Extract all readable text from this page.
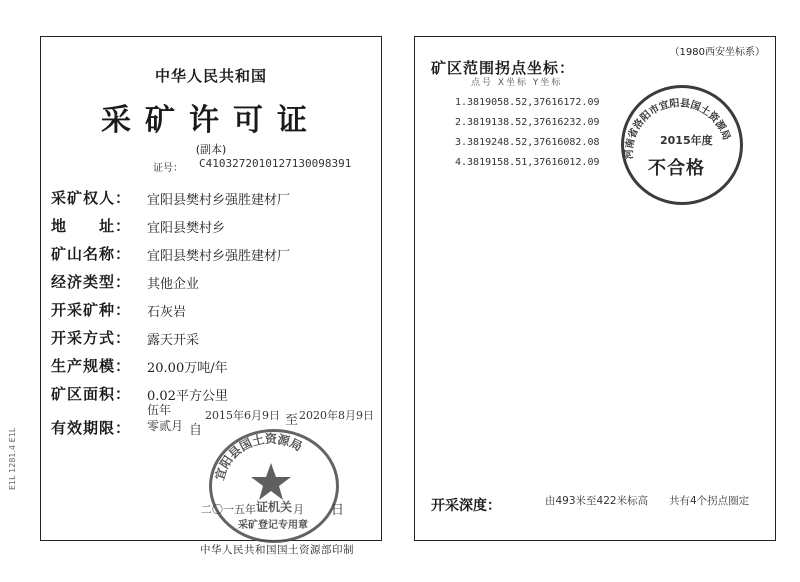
中华人民共和国
采矿许可证
(副本)
证号： C4103272010127130098391
采矿权人： 宜阳县樊村乡强胜建材厂
地　　址： 宜阳县樊村乡
矿山名称： 宜阳县樊村乡强胜建材厂
经济类型： 其他企业
开采矿种： 石灰岩
开采方式： 露天开采
生产规模： 20.00万吨/年
矿区面积： 0.02平方公里
有效期限：
伍年
零贰月 自
2015年6月9日 至 2020年8月9日
宜阳县国土资源局
证机关
采矿登记专用章
二〇一五年	月 日
中华人民共和国国土资源部印制
E1L 1281.4 E1L
（1980西安坐标系）
矿区范围拐点坐标：
点号 X坐标 Y坐标
1.3819058.52,37616172.09
2.3819138.52,37616232.09
3.3819248.52,37616082.08
4.3819158.51,37616012.09
河南省洛阳市宜阳县国土资源局
2015年度
不合格
开采深度：	由493米至422米标高 共有4个拐点圈定
